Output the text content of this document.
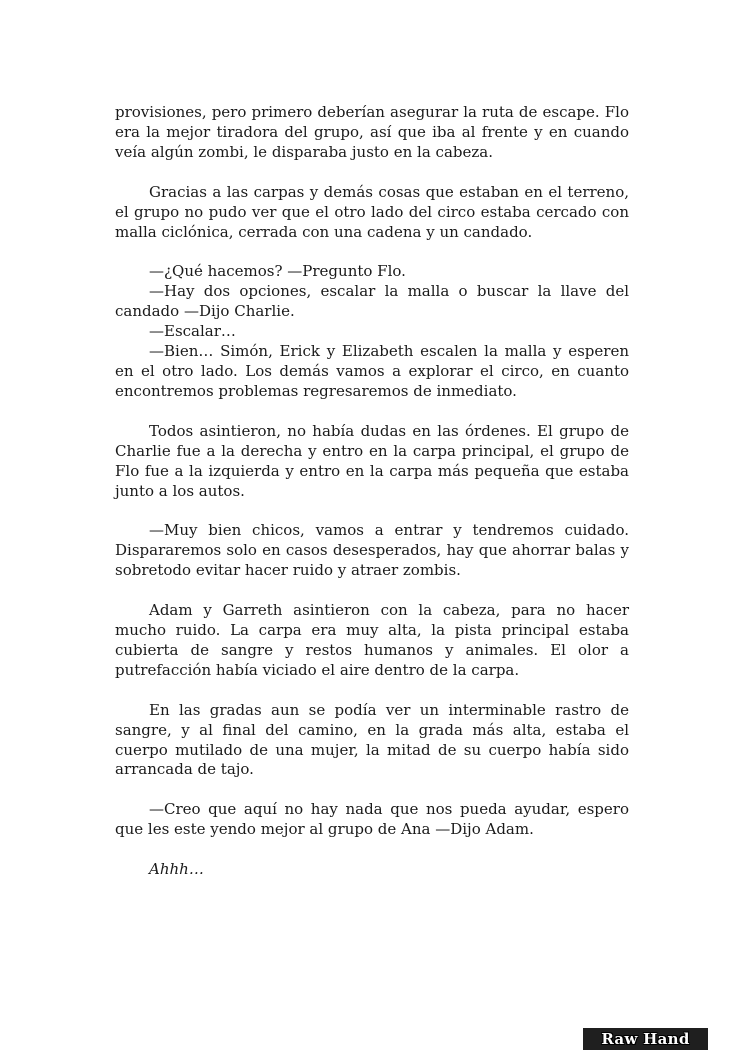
provisiones, pero primero deberían asegurar la ruta de escape. Flo era la mejor tiradora del grupo, así que iba al frente y en cuando veía algún zombi, le disparaba justo en la cabeza.

Gracias a las carpas y demás cosas que estaban en el terreno, el grupo no pudo ver que el otro lado del circo estaba cercado con malla ciclónica, cerrada con una cadena y un candado.

—¿Qué hacemos? —Pregunto Flo.

—Hay dos opciones, escalar la malla o buscar la llave del candado —Dijo Charlie.

—Escalar…

—Bien… Simón, Erick y Elizabeth escalen la malla y esperen en el otro lado. Los demás vamos a explorar el circo, en cuanto encontremos problemas regresaremos de inmediato.

Todos asintieron, no había dudas en las órdenes. El grupo de Charlie fue a la derecha y entro en la carpa principal, el grupo de Flo fue a la izquierda y entro en la carpa más pequeña que estaba junto a los autos.

—Muy bien chicos, vamos a entrar y tendremos cuidado. Dispararemos solo en casos desesperados, hay que ahorrar balas y sobretodo evitar hacer ruido y atraer zombis.

Adam y Garreth asintieron con la cabeza, para no hacer mucho ruido. La carpa era muy alta, la pista principal estaba cubierta de sangre y restos humanos y animales. El olor a putrefacción había viciado el aire dentro de la carpa.

En las gradas aun se podía ver un interminable rastro de sangre, y al final del camino, en la grada más alta, estaba el cuerpo mutilado de una mujer, la mitad de su cuerpo había sido arrancada de tajo.

—Creo que aquí no hay nada que nos pueda ayudar, espero que les este yendo mejor al grupo de Ana —Dijo Adam.

Ahhh…

Raw Hand
